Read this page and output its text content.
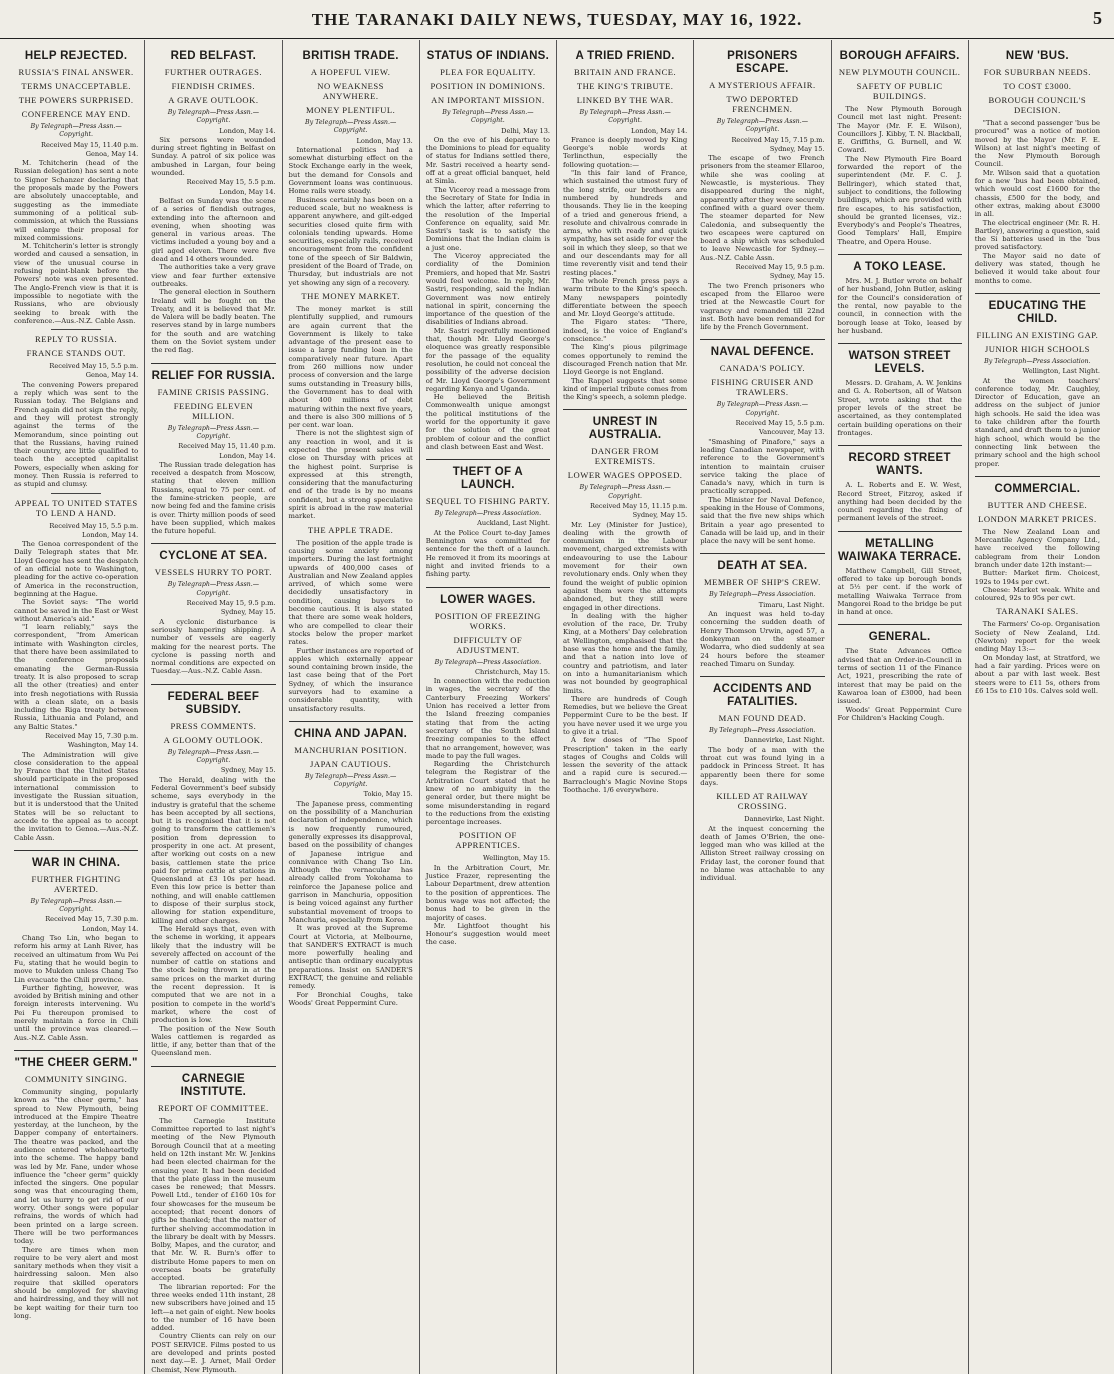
THE TARANAKI DAILY NEWS, TUESDAY, MAY 16, 1922.	5
HELP REJECTED.
RUSSIA'S FINAL ANSWER.
TERMS UNACCEPTABLE.
THE POWERS SURPRISED.
CONFERENCE MAY END.
By Telegraph—Press Assn.—Copyright.
Received May 15, 11.40 p.m.
Genoa, May 14.
M. Tchitcherin (head of the Russian delegation) has sent a note to Signor Schanzer declaring that the proposals made by the Powers are absolutely unacceptable, and suggesting as the immediate summoning of a political sub-commission, at which the Russians will enlarge their proposal for mixed commissions.
M. Tchitcherin's letter is strongly worded and caused a sensation, in view of the unusual course in refusing point-blank before the Powers' note was even presented. The Anglo-French view is that it is impossible to negotiate with the Russians, who are obviously seeking to break with the conference.—Aus.-N.Z. Cable Assn.
REPLY TO RUSSIA.
FRANCE STANDS OUT.
Received May 15, 5.5 p.m.
Genoa, May 14.
The convening Powers prepared a reply which was sent to the Russian today. The Belgians and French again did not sign the reply, and they will protest strongly against the terms of the Memorandum, since pointing out that the Russians, having ruined their country, are little qualified to teach the accepted capitalist Powers, especially when asking for money. Then Russia is referred to as stupid and clumsy.
APPEAL TO UNITED STATES TO LEND A HAND.
Received May 15, 5.5 p.m.
London, May 14.
The Genoa correspondent of the Daily Telegraph states that Mr. Lloyd George has sent the despatch of an official note to Washington, pleading for the active co-operation of America in the reconstruction, beginning at the Hague.
The Soviet says: "The world cannot be saved in the East or West without America's aid."
"I learn reliably," says the correspondent, "from American intimate with Washington circles, that there have been assimilated to the conference proposals emanating the German-Russia treaty. It is also proposed to scrap all the other (treaties) and enter into fresh negotiations with Russia with a clean slate, on a basis including the Riga treaty between Russia, Lithuania and Poland, and any Baltic States."
Received May 15, 7.30 p.m.
Washington, May 14.
The Administration will give close consideration to the appeal by France that the United States should participate in the proposed international commission to investigate the Russian situation, but it is understood that the United States will be so reluctant to accede to the appeal as to accept the invitation to Genoa.—Aus.-N.Z. Cable Assn.
WAR IN CHINA.
FURTHER FIGHTING AVERTED.
By Telegraph—Press Assn.—Copyright.
Received May 15, 7.30 p.m.
London, May 14.
Chang Tso Lin, who began to reform his army at Lanh River, has received an ultimatum from Wu Pei Fu, stating that he would begin to move to Mukden unless Chang Tso Lin evacuate the Chili province.
Further fighting, however, was avoided by British mining and other foreign interests intervening. Wu Pei Fu thereupon promised to merely maintain a force in Chili until the province was cleared.—Aus.-N.Z. Cable Assn.
"THE CHEER GERM."
COMMUNITY SINGING.
Community singing, popularly known as "the cheer germ," has spread to New Plymouth, being introduced at the Empire Theatre yesterday, at the luncheon, by the Dapper company of entertainers. The theatre was packed, and the audience entered wholeheartedly into the scheme. The happy band was led by Mr. Fane, under whose influence the "cheer germ" quickly infected the singers. One popular song was that encouraging them, and let us hurry to get rid of our worry. Other songs were popular refrains, the words of which had been printed on a large screen. There will be two performances today.
There are times when men require to be very alert and most sanitary methods when they visit a hairdressing saloon. Men also require that skilled operators should be employed for shaving and hairdressing, and they will not be kept waiting for their turn too long.
RED BELFAST.
FURTHER OUTRAGES.
FIENDISH CRIMES.
A GRAVE OUTLOOK.
By Telegraph—Press Assn.—Copyright.
London, May 14.
Six persons were wounded during street fighting in Belfast on Sunday. A patrol of six police was ambushed in Largan, four being wounded.
Received May 15, 5.5 p.m.
London, May 14.
Belfast on Sunday was the scene of a series of fiendish outrages, extending into the afternoon and evening, when shooting was general in various areas. The victims included a young boy and a girl aged eleven. There were five dead and 14 others wounded.
The authorities take a very grave view and fear further extensive outbreaks.
The general election in Southern Ireland will be fought on the Treaty, and it is believed that Mr. de Valera will be badly beaten. The reserves stand by in large numbers for the south and are watching them on the Soviet system under the red flag.
RELIEF FOR RUSSIA.
FAMINE CRISIS PASSING.
FEEDING ELEVEN MILLION.
By Telegraph—Press Assn.—Copyright.
Received May 15, 11.40 p.m.
London, May 14.
The Russian trade delegation has received a despatch from Moscow, stating that eleven million Russians, equal to 75 per cent. of the famine-stricken people, are now being fed and the famine crisis is over. Thirty million poods of seed have been supplied, which makes the future hopeful.
CYCLONE AT SEA.
VESSELS HURRY TO PORT.
By Telegraph—Press Assn.—Copyright.
Received May 15, 9.5 p.m.
Sydney, May 15.
A cyclonic disturbance is seriously hampering shipping. A number of vessels are eagerly making for the nearest ports. The cyclone is passing north and normal conditions are expected on Tuesday.—Aus.-N.Z. Cable Assn.
FEDERAL BEEF SUBSIDY.
PRESS COMMENTS.
A GLOOMY OUTLOOK.
By Telegraph—Press Assn.—Copyright.
Sydney, May 15.
The Herald, dealing with the Federal Government's beef subsidy scheme, says everybody in the industry is grateful that the scheme has been accepted by all sections, but it is recognised that it is not going to transform the cattlemen's position from depression to prosperity in one act. At present, after working out costs on a new basis, cattlemen state the price paid for prime cattle at stations in Queensland at £3 10s per head. Even this low price is better than nothing, and will enable cattlemen to dispose of their surplus stock, allowing for station expenditure, killing and other charges.
The Herald says that, even with the scheme in working, it appears likely that the industry will be severely affected on account of the number of cattle on stations and the stock being thrown in at the same prices on the market during the recent depression. It is computed that we are not in a position to compete in the world's market, where the cost of production is low.
The position of the New South Wales cattlemen is regarded as little, if any, better than that of the Queensland men.
CARNEGIE INSTITUTE.
REPORT OF COMMITTEE.
The Carnegie Institute Committee reported to last night's meeting of the New Plymouth Borough Council that at a meeting held on 12th instant Mr. W. Jenkins had been elected chairman for the ensuing year. It had been decided that the plate glass in the museum cases be renewed; that Messrs. Powell Ltd., tender of £160 10s for four showcases for the museum be accepted; that recent donors of gifts be thanked; that the matter of further shelving accommodation in the library be dealt with by Messrs. Bolby, Mapes, and the curator, and that Mr. W. R. Burn's offer to distribute Home papers to men on overseas boats be gratefully accepted.
The librarian reported: For the three weeks ended 11th instant, 28 new subscribers have joined and 15 left—a net gain of eight. New books to the number of 16 have been added.
Country Clients can rely on our POST SERVICE. Films posted to us are developed and prints posted next day.—E. J. Arnet, Mail Order Chemist, New Plymouth.
BRITISH TRADE.
A HOPEFUL VIEW.
NO WEAKNESS ANYWHERE.
MONEY PLENTIFUL.
By Telegraph—Press Assn.—Copyright.
London, May 13.
International politics had a somewhat disturbing effect on the Stock Exchange early in the week, but the demand for Consols and Government loans was continuous. Home rails were steady.
Business certainly has been on a reduced scale, but no weakness is apparent anywhere, and gilt-edged securities closed quite firm with colonials tending upwards. Home securities, especially rails, received encouragement from the confident tone of the speech of Sir Baldwin, president of the Board of Trade, on Thursday, but industrials are not yet showing any sign of a recovery.
THE MONEY MARKET.
The money market is still plentifully supplied, and rumours are again current that the Government is likely to take advantage of the present ease to issue a large funding loan in the comparatively near future. Apart from 260 millions now under process of conversion and the large sums outstanding in Treasury bills, the Government has to deal with about 400 millions of debt maturing within the next five years, and there is also 300 millions of 5 per cent. war loan.
There is not the slightest sign of any reaction in wool, and it is expected the present sales will close on Thursday with prices at the highest point. Surprise is expressed at this strength, considering that the manufacturing end of the trade is by no means confident, but a strong speculative spirit is abroad in the raw material market.
THE APPLE TRADE.
The position of the apple trade is causing some anxiety among importers. During the last fortnight upwards of 400,000 cases of Australian and New Zealand apples arrived, of which some were decidedly unsatisfactory in condition, causing buyers to become cautious. It is also stated that there are some weak holders, who are compelled to clear their stocks below the proper market rates.
Further instances are reported of apples which externally appear sound containing brown inside, the last case being that of the Port Sydney, of which the insurance surveyors had to examine a considerable quantity, with unsatisfactory results.
CHINA AND JAPAN.
MANCHURIAN POSITION.
JAPAN CAUTIOUS.
By Telegraph—Press Assn.—Copyright.
Tokio, May 15.
The Japanese press, commenting on the possibility of a Manchurian declaration of independence, which is now frequently rumoured, generally expresses its disapproval, based on the possibility of changes of Japanese intrigue and connivance with Chang Tso Lin. Although the vernacular has already called from Yokohama to reinforce the Japanese police and garrison in Manchuria, opposition is being voiced against any further substantial movement of troops to Manchuria, especially from Korea.
It was proved at the Supreme Court at Victoria, at Melbourne, that SANDER'S EXTRACT is much more powerfully healing and antiseptic than ordinary eucalyptus preparations. Insist on SANDER'S EXTRACT, the genuine and reliable remedy.
For Bronchial Coughs, take Woods' Great Peppermint Cure.
STATUS OF INDIANS.
PLEA FOR EQUALITY.
POSITION IN DOMINIONS.
AN IMPORTANT MISSION.
By Telegraph—Press Assn.—Copyright.
Delhi, May 13.
On the eve of his departure to the Dominions to plead for equality of status for Indians settled there, Mr. Sastri received a hearty send-off at a great official banquet, held at Simla.
The Viceroy read a message from the Secretary of State for India in which the latter, after referring to the resolution of the Imperial Conference on equality, said Mr. Sastri's task is to satisfy the Dominions that the Indian claim is a just one.
The Viceroy appreciated the cordiality of the Dominion Premiers, and hoped that Mr. Sastri would feel welcome. In reply, Mr. Sastri, responding, said the Indian Government was now entirely national in spirit, concerning the importance of the question of the disabilities of Indians abroad.
Mr. Sastri regretfully mentioned that, though Mr. Lloyd George's eloquence was greatly responsible for the passage of the equality resolution, he could not conceal the possibility of the adverse decision of Mr. Lloyd George's Government regarding Kenya and Uganda.
He believed the British Commonwealth unique amongst the political institutions of the world for the opportunity it gave for the solution of the great problem of colour and the conflict and clash between East and West.
THEFT OF A LAUNCH.
SEQUEL TO FISHING PARTY.
By Telegraph—Press Association.
Auckland, Last Night.
At the Police Court to-day James Bennington was committed for sentence for the theft of a launch. He removed it from its moorings at night and invited friends to a fishing party.
LOWER WAGES.
POSITION OF FREEZING WORKS.
DIFFICULTY OF ADJUSTMENT.
By Telegraph—Press Association.
Christchurch, May 15.
In connection with the reduction in wages, the secretary of the Canterbury Freezing Workers' Union has received a letter from the Island freezing companies stating that from the acting secretary of the South Island freezing companies to the effect that no arrangement, however, was made to pay the full wages.
Regarding the Christchurch telegram the Registrar of the Arbitration Court stated that he knew of no ambiguity in the general order, but there might be some misunderstanding in regard to the reductions from the existing percentage increases.
POSITION OF APPRENTICES.
Wellington, May 15.
In the Arbitration Court, Mr. Justice Frazer, representing the Labour Department, drew attention to the position of apprentices. The bonus wage was not affected; the bonus had to be given in the majority of cases.
Mr. Lightfoot thought his Honour's suggestion would meet the case.
A TRIED FRIEND.
BRITAIN AND FRANCE.
THE KING'S TRIBUTE.
LINKED BY THE WAR.
By Telegraph—Press Assn.—Copyright.
London, May 14.
France is deeply moved by King George's noble words at Terlincthun, especially the following quotation:—
"In this fair land of France, which sustained the utmost fury of the long strife, our brothers are numbered by hundreds and thousands. They lie in the keeping of a tried and generous friend, a resolute and chivalrous comrade in arms, who with ready and quick sympathy, has set aside for ever the soil in which they sleep, so that we and our descendants may for all time reverently visit and tend their resting places."
The whole French press pays a warm tribute to the King's speech. Many newspapers pointedly differentiate between the speech and Mr. Lloyd George's attitude.
The Figaro states: "There, indeed, is the voice of England's conscience."
The King's pious pilgrimage comes opportunely to remind the discouraged French nation that Mr. Lloyd George is not England.
The Rappel suggests that some kind of imperial tribute comes from the King's speech, a solemn pledge.
UNREST IN AUSTRALIA.
DANGER FROM EXTREMISTS.
LOWER WAGES OPPOSED.
By Telegraph—Press Assn.—Copyright.
Received May 15, 11.15 p.m.
Sydney, May 15.
Mr. Ley (Minister for Justice), dealing with the growth of communism in the Labour movement, charged extremists with endeavouring to use the Labour movement for their own revolutionary ends. Only when they found the weight of public opinion against them were the attempts abandoned, but they still were engaged in other directions.
In dealing with the higher evolution of the race, Dr. Truby King, at a Mothers' Day celebration at Wellington, emphasised that the base was the home and the family, and that a nation into love of country and patriotism, and later on into a humanitarianism which was not bounded by geographical limits.
There are hundreds of Cough Remedies, but we believe the Great Peppermint Cure to be the best. If you have never used it we urge you to give it a trial.
A few doses of "The Spoof Prescription" taken in the early stages of Coughs and Colds will lessen the severity of the attack and a rapid cure is secured.—Barraclough's Magic Novine Stops Toothache. 1/6 everywhere.
PRISONERS ESCAPE.
A MYSTERIOUS AFFAIR.
TWO DEPORTED FRENCHMEN.
By Telegraph—Press Assn.—Copyright.
Received May 15, 7.15 p.m.
Sydney, May 15.
The escape of two French prisoners from the steamer Ellaroo, while she was cooling at Newcastle, is mysterious. They disappeared during the night, apparently after they were securely confined with a guard over them. The steamer departed for New Caledonia, and subsequently the two escapees were captured on board a ship which was scheduled to leave Newcastle for Sydney.—Aus.-N.Z. Cable Assn.
Received May 15, 9.5 p.m.
Sydney, May 15.
The two French prisoners who escaped from the Ellaroo were tried at the Newcastle Court for vagrancy and remanded till 22nd inst. Both have been remanded for life by the French Government.
NAVAL DEFENCE.
CANADA'S POLICY.
FISHING CRUISER AND TRAWLERS.
By Telegraph—Press Assn.—Copyright.
Received May 15, 5.5 p.m.
Vancouver, May 13.
"Smashing of Pinafore," says a leading Canadian newspaper, with reference to the Government's intention to maintain cruiser service taking the place of Canada's navy, which in turn is practically scrapped.
The Minister for Naval Defence, speaking in the House of Commons, said that the five new ships which Britain a year ago presented to Canada will be laid up, and in their place the navy will be sent home.
DEATH AT SEA.
MEMBER OF SHIP'S CREW.
By Telegraph—Press Association.
Timaru, Last Night.
An inquest was held to-day concerning the sudden death of Henry Thomson Urwin, aged 57, a donkeyman on the steamer Wodarra, who died suddenly at sea 24 hours before the steamer reached Timaru on Sunday.
ACCIDENTS AND FATALITIES.
MAN FOUND DEAD.
By Telegraph—Press Association.
Dannevirke, Last Night.
The body of a man with the throat cut was found lying in a paddock in Princess Street. It has apparently been there for some days.
KILLED AT RAILWAY CROSSING.
Dannevirke, Last Night.
At the inquest concerning the death of James O'Brien, the one-legged man who was killed at the Alliston Street railway crossing on Friday last, the coroner found that no blame was attachable to any individual.
BOROUGH AFFAIRS.
NEW PLYMOUTH COUNCIL.
SAFETY OF PUBLIC BUILDINGS.
The New Plymouth Borough Council met last night. Present: The Mayor (Mr. F. E. Wilson), Councillors J. Kibby, T. N. Blackball, E. Griffiths, G. Burnell, and W. Coward.
The New Plymouth Fire Board forwarded the report of the superintendent (Mr. F. C. J. Bellringer), which stated that, subject to conditions, the following buildings, which are provided with fire escapes, to his satisfaction, should be granted licenses, viz.: Everybody's and People's Theatres, Good Templars' Hall, Empire Theatre, and Opera House.
A TOKO LEASE.
Mrs. M. J. Butler wrote on behalf of her husband, John Butler, asking for the Council's consideration of the rental, now payable to the council, in connection with the borough lease at Toko, leased by her husband.
WATSON STREET LEVELS.
Messrs. D. Graham, A. W. Jenkins and G. A. Robertson, all of Watson Street, wrote asking that the proper levels of the street be ascertained, as they contemplated certain building operations on their frontages.
RECORD STREET WANTS.
A. L. Roberts and E. W. West, Record Street, Fitzroy, asked if anything had been decided by the council regarding the fixing of permanent levels of the street.
METALLING WAIWAKA TERRACE.
Matthew Campbell, Gill Street, offered to take up borough bonds at 5½ per cent. if the work of metalling Waiwaka Terrace from Mangorei Road to the bridge be put in hand at once.
GENERAL.
The State Advances Office advised that an Order-in-Council in terms of section 11 of the Finance Act, 1921, prescribing the rate of interest that may be paid on the Kawaroa loan of £3000, had been issued.
Woods' Great Peppermint Cure For Children's Hacking Cough.
NEW 'BUS.
FOR SUBURBAN NEEDS.
TO COST £3000.
BOROUGH COUNCIL'S DECISION.
"That a second passenger 'bus be procured" was a notice of motion moved by the Mayor (Mr. F. E. Wilson) at last night's meeting of the New Plymouth Borough Council.
Mr. Wilson said that a quotation for a new 'bus had been obtained, which would cost £1600 for the chassis, £500 for the body, and other extras, making about £3000 in all.
The electrical engineer (Mr. R. H. Bartley), answering a question, said the Si batteries used in the 'bus proved satisfactory.
The Mayor said no date of delivery was stated, though he believed it would take about four months to come.
EDUCATING THE CHILD.
FILLING AN EXISTING GAP.
JUNIOR HIGH SCHOOLS
By Telegraph—Press Association.
Wellington, Last Night.
At the women teachers' conference today, Mr. Caughley, Director of Education, gave an address on the subject of junior high schools. He said the idea was to take children after the fourth standard, and draft them to a junior high school, which would be the connecting link between the primary school and the high school proper.
COMMERCIAL.
BUTTER AND CHEESE.
LONDON MARKET PRICES.
The New Zealand Loan and Mercantile Agency Company Ltd., have received the following cablegram from their London branch under date 12th instant:—
Butter: Market firm. Choicest, 192s to 194s per cwt.
Cheese: Market weak. White and coloured, 92s to 95s per cwt.
TARANAKI SALES.
The Farmers' Co-op. Organisation Society of New Zealand, Ltd. (Newton) report for the week ending May 13:—
On Monday last, at Stratford, we had a fair yarding. Prices were on about a par with last week. Best steers were to £11 5s, others from £6 15s to £10 10s. Calves sold well.
